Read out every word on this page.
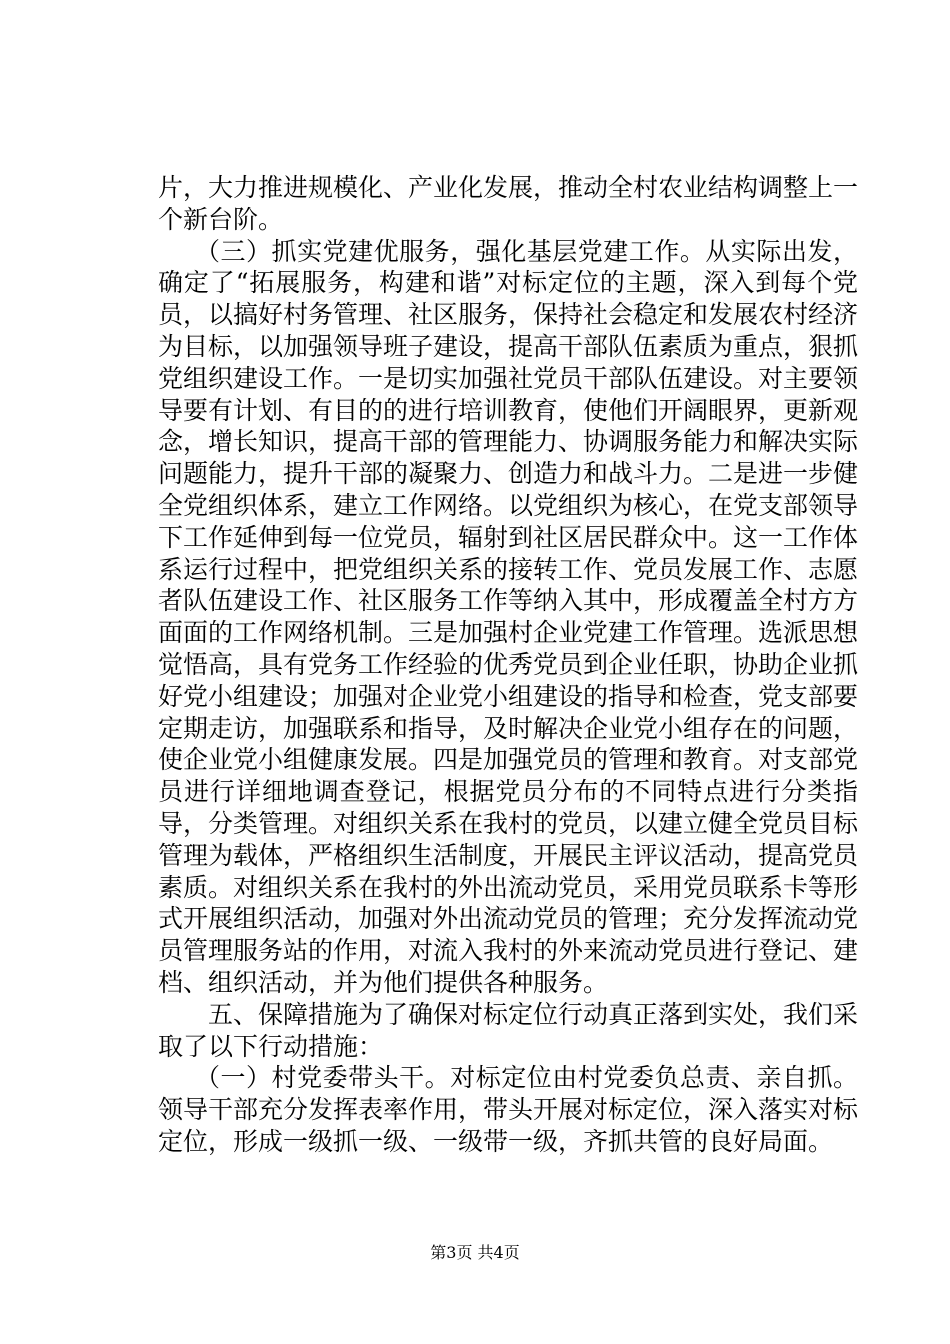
片，大力推进规模化、产业化发展，推动全村农业结构调整上一个新台阶。

（三）抓实党建优服务，强化基层党建工作。从实际出发，确定了“拓展服务，构建和谐”对标定位的主题，深入到每个党员，以搞好村务管理、社区服务，保持社会稳定和发展农村经济为目标，以加强领导班子建设，提高干部队伍素质为重点，狠抓党组织建设工作。一是切实加强社党员干部队伍建设。对主要领导要有计划、有目的的进行培训教育，使他们开阔眼界，更新观念，增长知识，提高干部的管理能力、协调服务能力和解决实际问题能力，提升干部的凝聚力、创造力和战斗力。二是进一步健全党组织体系，建立工作网络。以党组织为核心，在党支部领导下工作延伸到每一位党员，辐射到社区居民群众中。这一工作体系运行过程中，把党组织关系的接转工作、党员发展工作、志愿者队伍建设工作、社区服务工作等纳入其中，形成覆盖全村方方面面的工作网络机制。三是加强村企业党建工作管理。选派思想觉悟高，具有党务工作经验的优秀党员到企业任职，协助企业抓好党小组建设；加强对企业党小组建设的指导和检查，党支部要定期走访，加强联系和指导，及时解决企业党小组存在的问题，使企业党小组健康发展。四是加强党员的管理和教育。对支部党员进行详细地调查登记，根据党员分布的不同特点进行分类指导，分类管理。对组织关系在我村的党员，以建立健全党员目标管理为载体，严格组织生活制度，开展民主评议活动，提高党员素质。对组织关系在我村的外出流动党员，采用党员联系卡等形式开展组织活动，加强对外出流动党员的管理；充分发挥流动党员管理服务站的作用，对流入我村的外来流动党员进行登记、建档、组织活动，并为他们提供各种服务。

五、保障措施为了确保对标定位行动真正落到实处，我们采取了以下行动措施：

（一）村党委带头干。对标定位由村党委负总责、亲自抓。领导干部充分发挥表率作用，带头开展对标定位，深入落实对标定位，形成一级抓一级、一级带一级，齐抓共管的良好局面。

第3页 共4页
